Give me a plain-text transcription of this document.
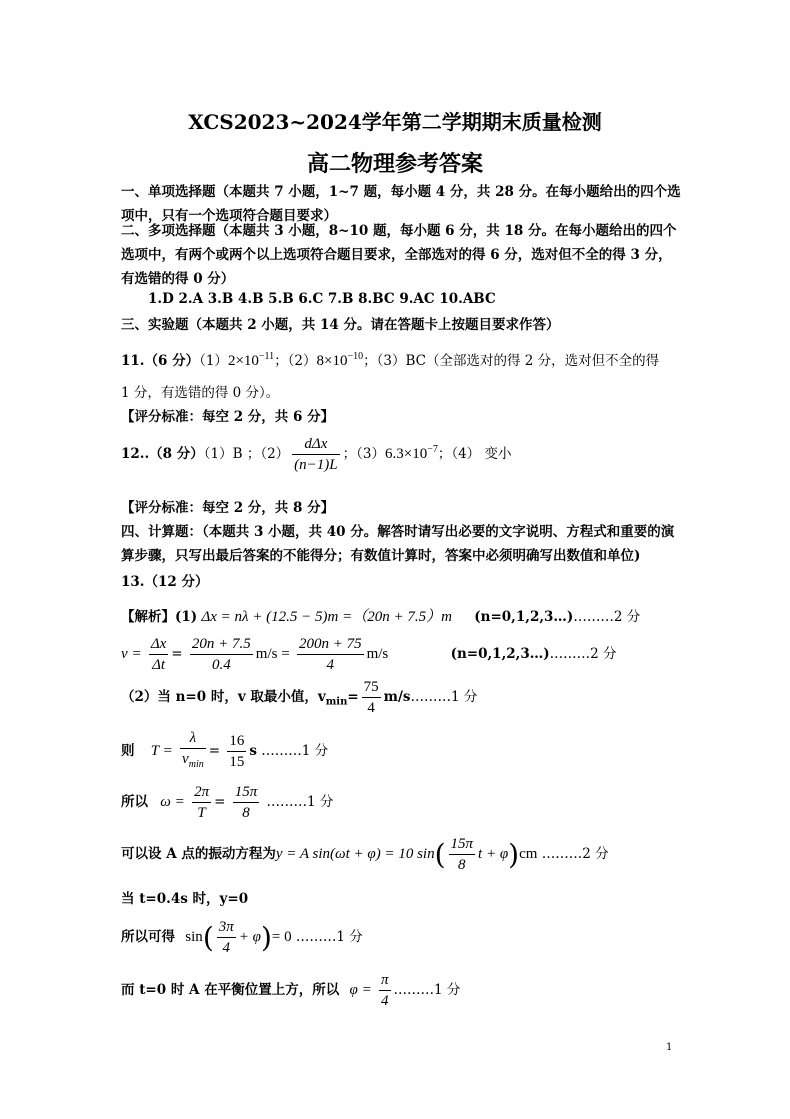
XCS2023~2024学年第二学期期末质量检测
高二物理参考答案
一、单项选择题（本题共 7 小题，1~7 题，每小题 4 分，共 28 分。在每小题给出的四个选项中，只有一个选项符合题目要求）
二、多项选择题（本题共 3 小题，8~10 题，每小题 6 分，共 18 分。在每小题给出的四个选项中，有两个或两个以上选项符合题目要求，全部选对的得 6 分，选对但不全的得 3 分，有选错的得 0 分）
1.D 2.A 3.B 4.B 5.B 6.C 7.B 8.BC 9.AC 10.ABC
三、实验题（本题共 2 小题，共 14 分。请在答题卡上按题目要求作答）
11.（6 分）$(1)2\times 10^{-11}$；$(2)8\times 10^{-10}$；（3）BC（全部选对的得 2 分，选对但不全的得
1 分，有选错的得 0 分）。
【评分标准：每空 2 分，共 6 分】
12..（8 分）（1）B ；$(2) \frac{\text{dΔx}}{(n-1)L}$ ；$(3)6.3\times 10^{-7}$；（4） 变小
【评分标准：每空 2 分，共 8 分】
四、计算题：（本题共 3 小题，共 40 分。解答时请写出必要的文字说明、方程式和重要的演算步骤，只写出最后答案的不能得分；有数值计算时，答案中必须明确写出数值和单位)
13.（12 分）
【解析】(1) Δx = nλ + (12.5 − 5)m =（20n + 7.5）m (n=0,1,2,3…)………2 分
$v = \frac{\Delta x}{\Delta t} = \frac{20n + 7.5}{0.4} m/s = \frac{200n + 75}{4} m/s$	(n=0,1,2,3…)………2 分
（2）当 n=0 时，v 取最小值，$v_{min}= \frac{75}{4}$ m/s………1 分
则 $T = \frac{\lambda}{v_{min}} = \frac{16}{15}$ s ………1 分
所以 $\omega = \frac{2\pi}{T} = \frac{15\pi}{8}$ ………1 分
可以设 A 点的振动方程为y = A sin(ωt + φ) = 10 $\sin( \frac{15\pi}{8}$ t + φ)cm ………2 分
当 t=0.4s 时，y=0
所以可得 $\sin( \frac{3\pi}{4} + \varphi)= 0$ ………1 分
而 t=0 时 A 在平衡位置上方，所以 $\varphi = \frac{\pi}{4}$ ………1 分
1
